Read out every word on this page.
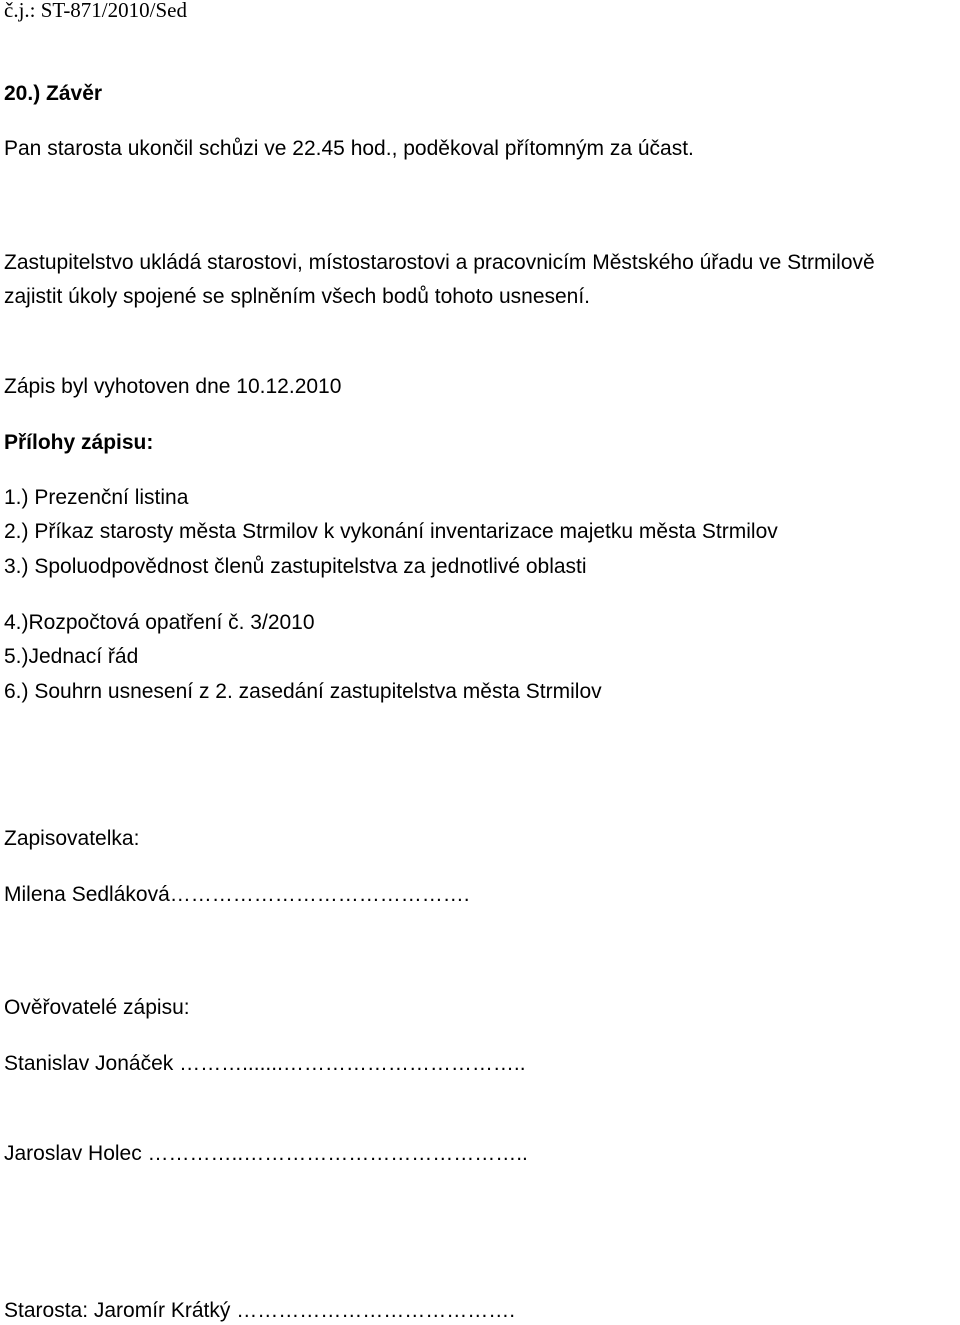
č.j.: ST-871/2010/Sed
20.) Závěr
Pan starosta ukončil schůzi ve 22.45 hod., poděkoval přítomným za účast.
Zastupitelstvo ukládá starostovi, místostarostovi a pracovnicím Městského úřadu ve Strmilově
zajistit úkoly spojené se splněním všech bodů tohoto usnesení.
Zápis byl vyhotoven dne 10.12.2010
Přílohy zápisu:
1.) Prezenční listina
2.) Příkaz starosty města Strmilov k vykonání inventarizace majetku města Strmilov
3.) Spoluodpovědnost členů zastupitelstva za jednotlivé oblasti
4.)Rozpočtová opatření č. 3/2010
5.)Jednací řád
6.) Souhrn usnesení z 2. zasedání zastupitelstva města Strmilov
Zapisovatelka:
Milena Sedláková…………………………………….
Ověřovatelé zápisu:
Stanislav Jonáček ……….......……………………………..
Jaroslav Holec …………..…………………………………..
Starosta: Jaromír Krátký ………………………………….
